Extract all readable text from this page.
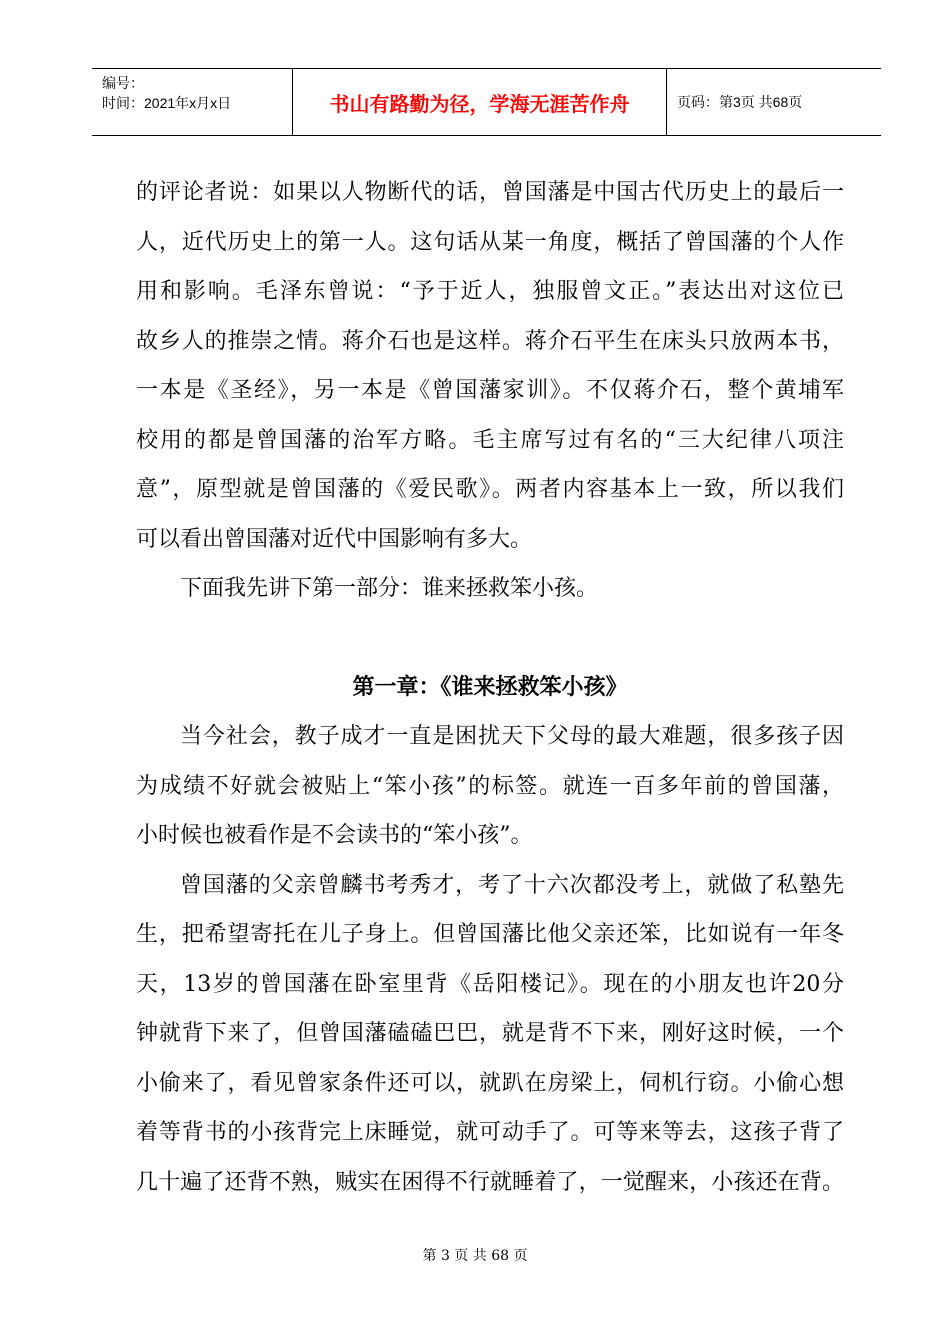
编号：
时间：2021年x月x日	书山有路勤为径，学海无涯苦作舟	页码：第3页 共68页
的评论者说：如果以人物断代的话，曾国藩是中国古代历史上的最后一
人，近代历史上的第一人。这句话从某一角度，概括了曾国藩的个人作
用和影响。毛泽东曾说：“予于近人，独服曾文正。”表达出对这位已
故乡人的推崇之情。蒋介石也是这样。蒋介石平生在床头只放两本书，
一本是《圣经》，另一本是《曾国藩家训》。不仅蒋介石，整个黄埔军
校用的都是曾国藩的治军方略。毛主席写过有名的“三大纪律八项注
意”，原型就是曾国藩的《爱民歌》。两者内容基本上一致，所以我们
可以看出曾国藩对近代中国影响有多大。
下面我先讲下第一部分：谁来拯救笨小孩。
第一章：《谁来拯救笨小孩》
当今社会，教子成才一直是困扰天下父母的最大难题，很多孩子因
为成绩不好就会被贴上“笨小孩”的标签。就连一百多年前的曾国藩，
小时候也被看作是不会读书的“笨小孩”。
曾国藩的父亲曾麟书考秀才，考了十六次都没考上，就做了私塾先
生，把希望寄托在儿子身上。但曾国藩比他父亲还笨，比如说有一年冬
天，13岁的曾国藩在卧室里背《岳阳楼记》。现在的小朋友也许20分
钟就背下来了，但曾国藩磕磕巴巴，就是背不下来，刚好这时候，一个
小偷来了，看见曾家条件还可以，就趴在房梁上，伺机行窃。小偷心想
着等背书的小孩背完上床睡觉，就可动手了。可等来等去，这孩子背了
几十遍了还背不熟，贼实在困得不行就睡着了，一觉醒来，小孩还在背。
第 3 页 共 68 页
